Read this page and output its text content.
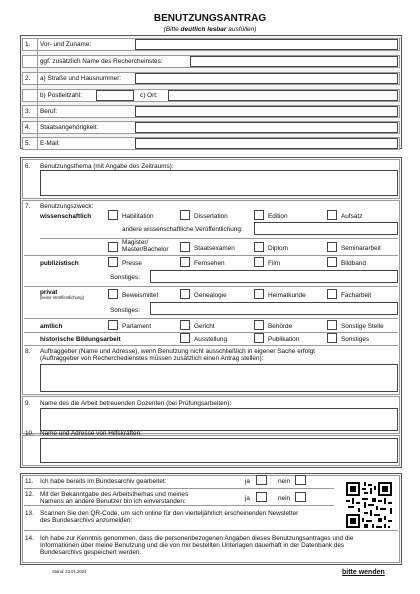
BENUTZUNGSANTRAG
(Bitte deutlich lesbar ausfüllen)
1. Vor- und Zuname:
ggf. zusätzlich Name des Rechercheinstes:
2. a) Straße und Hausnummer:
b) Postleitzahl:	c) Ort:
3. Beruf:
4. Staatsangehörigkeit:
5. E-Mail:
6. Benutzungsthema (mit Angabe des Zeitraums):
7. Benutzungszweck:
wissenschaftlich	Habilitation	Dissertation	Edition	Aufsatz
andere wissenschaftliche Veröffentlichung:
Magister/
Master/Bachelor	Staatsexamen	Diplom	Seminararbeit
publizistisch	Presse	Fernsehen	Film	Bildband
Sonstiges:
privat
(keine Veröffentlichung)	Beweismittel	Genealogie	Heimatkunde	Facharbeit
Sonstiges:
amtlich	Parlament	Gericht	Behörde	Sonstige Stelle
historische Bildungsarbeit	Ausstellung	Publikation	Sonstiges
8. Auftraggeber (Name und Adresse), wenn Benutzung nicht ausschließlich in eigener Sache erfolgt
(Auftraggeber von Recherchedienstes müssen zusätzlich einen Antrag stellen):
9. Name des die Arbeit betreuenden Dozenten (bei Prüfungsarbeiten):
10. Name und Adresse von Hilfskräften:
11. Ich habe bereits im Bundesarchiv gearbeitet:	ja	nein
12. Mit der Bekanntgabe des Arbeitsthemas und meines
Namens an andere Benutzer bin ich einverstanden:	ja	nein
13. Scannen Sie den QR-Code, um sich online für den vierteljährlich erscheinenden Newsletter
des Bundesarchivs anzumelden:
14. Ich habe zur Kenntnis genommen, dass die personenbezogenen Angaben dieses Benutzungsantrages und die
Informationen über meine Benutzung und die von mir bestellten Unterlagen dauerhaft in der Datenbank des
Bundesarchivs gespeichert werden.
Stand: 23.01.2024	bitte wenden
